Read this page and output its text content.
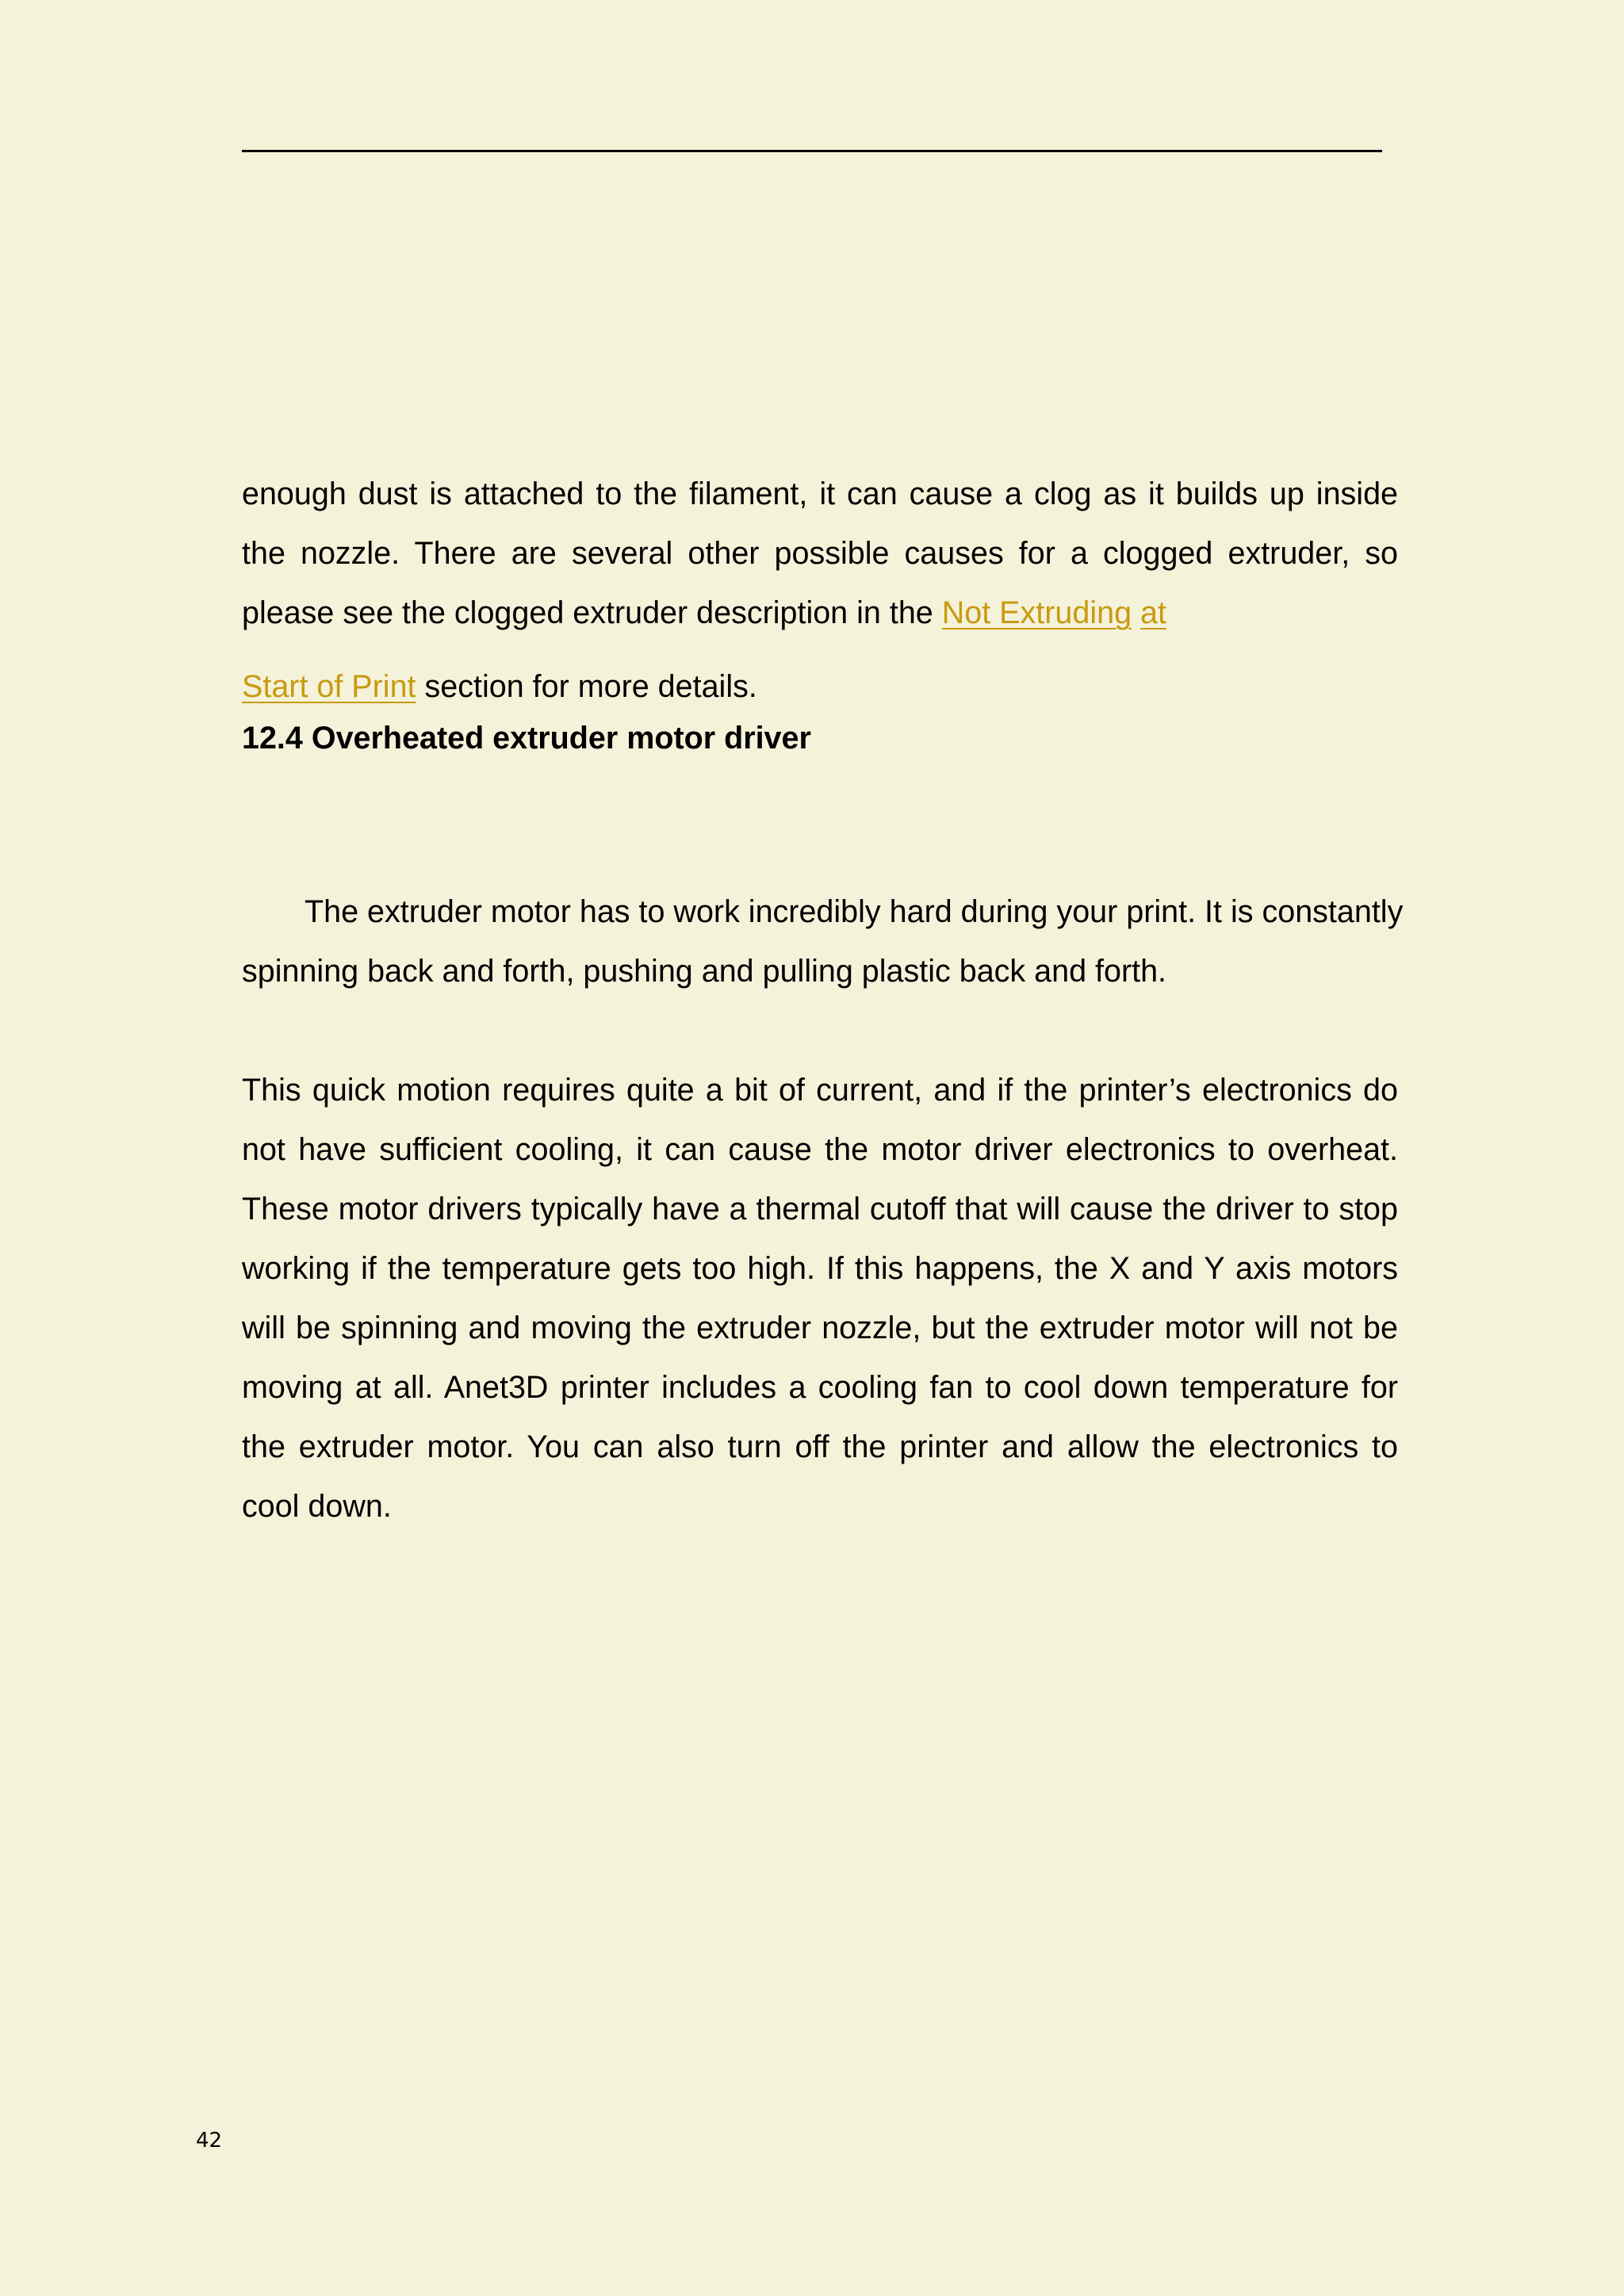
enough dust is attached to the filament, it can cause a clog as it builds up inside the nozzle. There are several other possible causes for a clogged extruder, so please see the clogged extruder description in the Not Extruding at
Start of Print section for more details.
12.4 Overheated extruder motor driver
The extruder motor has to work incredibly hard during your print. It is constantly spinning back and forth, pushing and pulling plastic back and forth.
This quick motion requires quite a bit of current, and if the printer’s electronics do not have sufficient cooling, it can cause the motor driver electronics to overheat. These motor drivers typically have a thermal cutoff that will cause the driver to stop working if the temperature gets too high. If this happens, the X and Y axis motors will be spinning and moving the extruder nozzle, but the extruder motor will not be moving at all. Anet3D printer includes a cooling fan to cool down temperature for the extruder motor. You can also turn off the printer and allow the electronics to cool down.
42
